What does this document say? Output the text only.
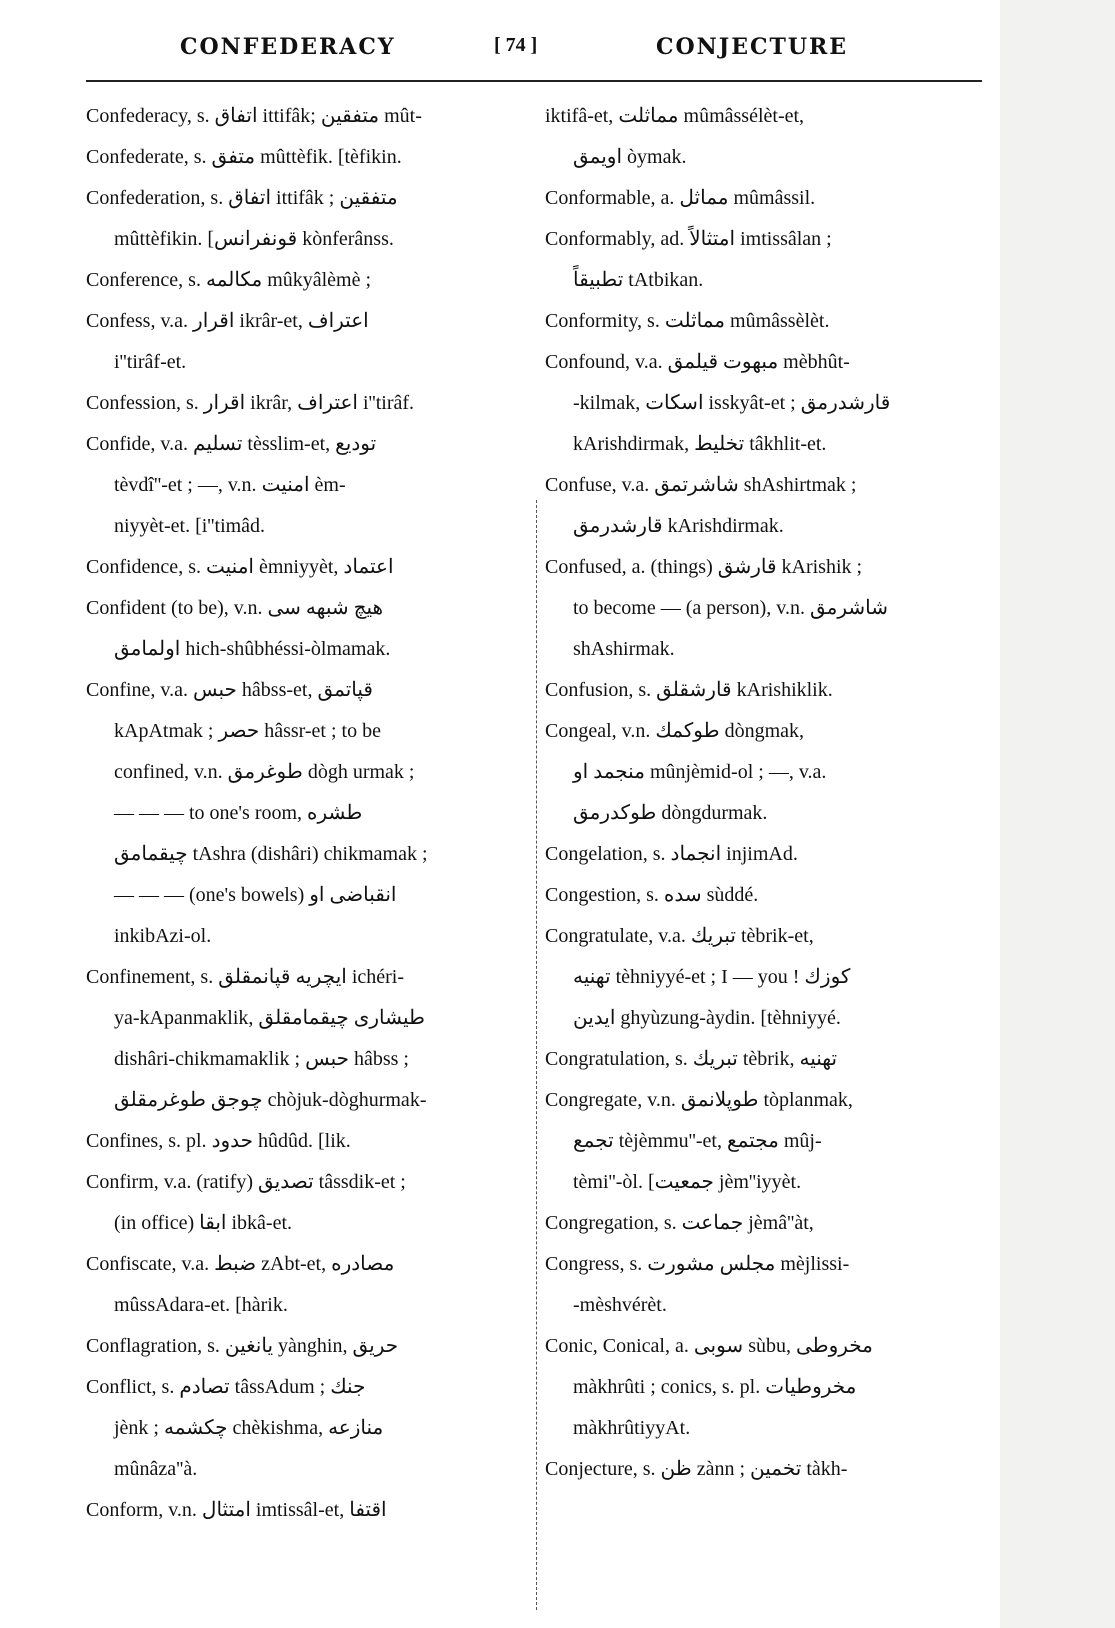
CONFEDERACY	[ 74 ]	CONJECTURE
Confederacy, s. اتفاق ittifâk; متفقين mût-
Confederate, s. متفق mûttèfik. [tèfikin.
Confederation, s. اتفاق ittifâk ; متفقين
mûttèfikin. [قونفرانس kònferânss.
Conference, s. مكالمه mûkyâlèmè ;
Confess, v.a. اقرار ikrâr-et, اعتراف
i''tirâf-et.
Confession, s. اقرار ikrâr, اعتراف i''tirâf.
Confide, v.a. تسليم tèsslim-et, توديع
tèvdî''-et ; —, v.n. امنيت èm-
niyyèt-et. [i''timâd.
Confidence, s. امنيت èmniyyèt, اعتماد
Confident (to be), v.n. هيچ شبهه سى
اولمامق hich-shûbhéssi-òlmamak.
Confine, v.a. حبس hâbss-et, قپاتمق
kApAtmak ; حصر hâssr-et ; to be
confined, v.n. طوغرمق dògh urmak ;
— — — to one's room, طشره
چيقمامق tAshra (dishâri) chikmamak ;
— — — (one's bowels) انقباضى او
inkibAzi-ol.
Confinement, s. ايچريه قپانمقلق ichéri-
ya-kApanmaklik, طيشارى چيقمامقلق
dishâri-chikmamaklik ; حبس hâbss ;
چوجق طوغرمقلق chòjuk-dòghurmak-
Confines, s. pl. حدود hûdûd. [lik.
Confirm, v.a. (ratify) تصديق tâssdik-et ;
(in office) ابقا ibkâ-et.
Confiscate, v.a. ضبط zAbt-et, مصادره
mûssAdara-et. [hàrik.
Conflagration, s. يانغين yànghin, حريق
Conflict, s. تصادم tâssAdum ; جنك
jènk ; چكشمه chèkishma, منازعه
mûnâza''à.
Conform, v.n. امتثال imtissâl-et, اقتفا
iktifâ-et, مماثلت mûmâssélèt-et,
اويمق òymak.
Conformable, a. مماثل mûmâssil.
Conformably, ad. امتثالاً imtissâlan ;
تطبيقاً tAtbikan.
Conformity, s. مماثلت mûmâssèlèt.
Confound, v.a. مبهوت قيلمق mèbhût-
-kilmak, اسكات isskyât-et ; قارشدرمق
kArishdirmak, تخليط tâkhlit-et.
Confuse, v.a. شاشرتمق shAshirtmak ;
قارشدرمق kArishdirmak.
Confused, a. (things) قارشق kArishik ;
to become — (a person), v.n. شاشرمق
shAshirmak.
Confusion, s. قارشقلق kArishiklik.
Congeal, v.n. طوكمك dòngmak,
منجمد او mûnjèmid-ol ; —, v.a.
طوكدرمق dòngdurmak.
Congelation, s. انجماد injimAd.
Congestion, s. سده sùddé.
Congratulate, v.a. تبريك tèbrik-et,
تهنيه tèhniyyé-et ; I — you ! كوزك
ايدين ghyùzung-àydin. [tèhniyyé.
Congratulation, s. تبريك tèbrik, تهنيه
Congregate, v.n. طوپلانمق tòplanmak,
تجمع tèjèmmu''-et, مجتمع mûj-
tèmi''-òl. [جمعيت jèm''iyyèt.
Congregation, s. جماعت jèmâ''àt,
Congress, s. مجلس مشورت mèjlissi-
-mèshvérèt.
Conic, Conical, a. سوبى sùbu, مخروطى
màkhrûti ; conics, s. pl. مخروطيات
màkhrûtiyyAt.
Conjecture, s. ظن zànn ; تخمين tàkh-
